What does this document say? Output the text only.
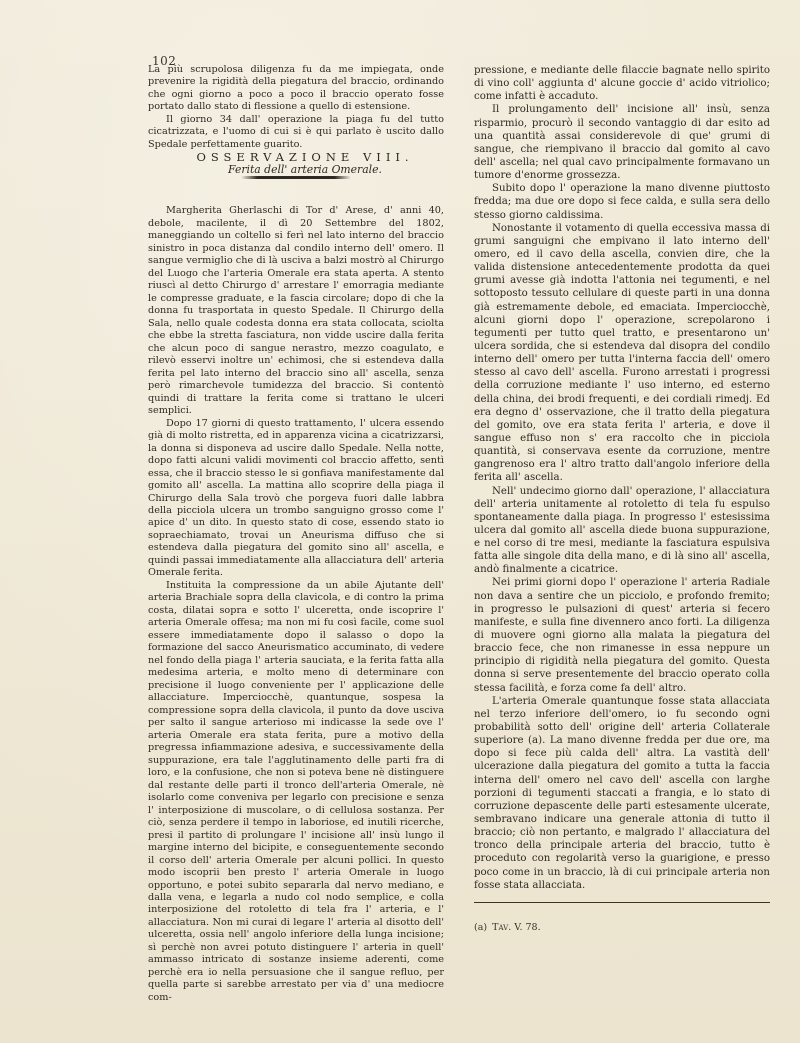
102

La più scrupolosa diligenza fu da me impiegata, onde prevenire la rigidità della piegatura del braccio, ordinando che ogni giorno a poco a poco il braccio operato fosse portato dallo stato di flessione a quello di estensione.

Il giorno 34 dall' operazione la piaga fu del tutto cicatrizzata, e l'uomo di cui si è qui parlato è uscito dallo Spedale perfettamente guarito.

OSSERVAZIONE VIII.

Ferita dell' arteria Omerale.

Margherita Gherlaschi di Tor d' Arese, d' anni 40, debole, macilente, il dì 20 Settembre del 1802, maneggiando un coltello si ferì nel lato interno del braccio sinistro in poca distanza dal condilo interno dell' omero. Il sangue vermiglio che di là usciva a balzi mostrò al Chirurgo del Luogo che l'arteria Omerale era stata aperta. A stento riuscì al detto Chirurgo d' arrestare l' emorragia mediante le compresse graduate, e la fascia circolare; dopo di che la donna fu trasportata in questo Spedale. Il Chirurgo della Sala, nello quale codesta donna era stata collocata, sciolta che ebbe la stretta fasciatura, non vidde uscire dalla ferita che alcun poco di sangue nerastro, mezzo coagulato, e rilevò esservi inoltre un' echimosi, che si estendeva dalla ferita pel lato interno del braccio sino all' ascella, senza però rimarchevole tumidezza del braccio. Si contentò quindi di trattare la ferita come si trattano le ulceri semplici.

Dopo 17 giorni di questo trattamento, l' ulcera essendo già di molto ristretta, ed in apparenza vicina a cicatrizzarsi, la donna si disponeva ad uscire dallo Spedale. Nella notte, dopo fatti alcuni validi movimenti col braccio affetto, sentì essa, che il braccio stesso le si gonfiava manifestamente dal gomito all' ascella. La mattina allo scoprire della piaga il Chirurgo della Sala trovò che porgeva fuori dalle labbra della picciola ulcera un trombo sanguigno grosso come l' apice d' un dito. In questo stato di cose, essendo stato io sopraechiamato, trovai un Aneurisma diffuso che si estendeva dalla piegatura del gomito sino all' ascella, e quindi passai immediatamente alla allacciatura dell' arteria Omerale ferita.

Instituita la compressione da un abile Ajutante dell' arteria Brachiale sopra della clavicola, e di contro la prima costa, dilatai sopra e sotto l' ulceretta, onde iscoprire l' arteria Omerale offesa; ma non mi fu così facile, come suol essere immediatamente dopo il salasso o dopo la formazione del sacco Aneurismatico accuminato, di vedere nel fondo della piaga l' arteria sauciata, e la ferita fatta alla medesima arteria, e molto meno di determinare con precisione il luogo conveniente per l' applicazione delle allacciature. Imperciocchè, quantunque, sospesa la compressione sopra della clavicola, il punto da dove usciva per salto il sangue arterioso mi indicasse la sede ove l' arteria Omerale era stata ferita, pure a motivo della pregressa infiammazione adesiva, e successivamente della suppurazione, era tale l'agglutinamento delle parti fra di loro, e la confusione, che non si poteva bene nè distinguere dal restante delle parti il tronco dell'arteria Omerale, nè isolarlo come conveniva per legarlo con precisione e senza l' interposizione di muscolare, o di cellulosa sostanza. Per ciò, senza perdere il tempo in laboriose, ed inutili ricerche, presi il partito di prolungare l' incisione all' insù lungo il margine interno del bicipite, e conseguentemente secondo il corso dell' arteria Omerale per alcuni pollici. In questo modo iscoprii ben presto l' arteria Omerale in luogo opportuno, e potei subito separarla dal nervo mediano, e dalla vena, e legarla a nudo col nodo semplice, e colla interposizione del rotoletto di tela fra l' arteria, e l' allacciatura. Non mi curai di legare l' arteria al disotto dell' ulceretta, ossia nell' angolo inferiore della lunga incisione; sì perchè non avrei potuto distinguere l' arteria in quell' ammasso intricato di sostanze insieme aderenti, come perchè era io nella persuasione che il sangue refluo, per quella parte si sarebbe arrestato per via d' una mediocre com-

pressione, e mediante delle filaccie bagnate nello spirito di vino coll' aggiunta d' alcune goccie d' acido vitriolico; come infatti è accaduto.

Il prolungamento dell' incisione all' insù, senza risparmio, procurò il secondo vantaggio di dar esito ad una quantità assai considerevole di que' grumi di sangue, che riempivano il braccio dal gomito al cavo dell' ascella; nel qual cavo principalmente formavano un tumore d'enorme grossezza.

Subito dopo l' operazione la mano divenne piuttosto fredda; ma due ore dopo si fece calda, e sulla sera dello stesso giorno caldissima.

Nonostante il votamento di quella eccessiva massa di grumi sanguigni che empivano il lato interno dell' omero, ed il cavo della ascella, convien dire, che la valida distensione antecedentemente prodotta da quei grumi avesse già indotta l'attonia nei tegumenti, e nel sottoposto tessuto cellulare di queste parti in una donna già estremamente debole, ed emaciata. Imperciocchè, alcuni giorni dopo l' operazione, screpolarono i tegumenti per tutto quel tratto, e presentarono un' ulcera sordida, che si estendeva dal disopra del condilo interno dell' omero per tutta l'interna faccia dell' omero stesso al cavo dell' ascella. Furono arrestati i progressi della corruzione mediante l' uso interno, ed esterno della china, dei brodi frequenti, e dei cordiali rimedj. Ed era degno d' osservazione, che il tratto della piegatura del gomito, ove era stata ferita l' arteria, e dove il sangue effuso non s' era raccolto che in picciola quantità, si conservava esente da corruzione, mentre gangrenoso era l' altro tratto dall'angolo inferiore della ferita all' ascella.

Nell' undecimo giorno dall' operazione, l' allacciatura dell' arteria unitamente al rotoletto di tela fu espulso spontaneamente dalla piaga. In progresso l' estesissima ulcera dal gomito all' ascella diede buona suppurazione, e nel corso di tre mesi, mediante la fasciatura espulsiva fatta alle singole dita della mano, e di là sino all' ascella, andò finalmente a cicatrice.

Nei primi giorni dopo l' operazione l' arteria Radiale non dava a sentire che un picciolo, e profondo fremito; in progresso le pulsazioni di quest' arteria si fecero manifeste, e sulla fine divennero anco forti. La diligenza di muovere ogni giorno alla malata la piegatura del braccio fece, che non rimanesse in essa neppure un principio di rigidità nella piegatura del gomito. Questa donna si serve presentemente del braccio operato colla stessa facilità, e forza come fa dell' altro.

L'arteria Omerale quantunque fosse stata allacciata nel terzo inferiore dell'omero, io fu secondo ogni probabilità sotto dell' origine dell' arteria Collaterale superiore (a). La mano divenne fredda per due ore, ma dopo si fece più calda dell' altra. La vastità dell' ulcerazione dalla piegatura del gomito a tutta la faccia interna dell' omero nel cavo dell' ascella con larghe porzioni di tegumenti staccati a frangia, e lo stato di corruzione depascente delle parti estesamente ulcerate, sembravano indicare una generale attonia di tutto il braccio; ciò non pertanto, e malgrado l' allacciatura del tronco della principale arteria del braccio, tutto è proceduto con regolarità verso la guarigione, e presso poco come in un braccio, là di cui principale arteria non fosse stata allacciata.

(a) Tav. V. 78.
